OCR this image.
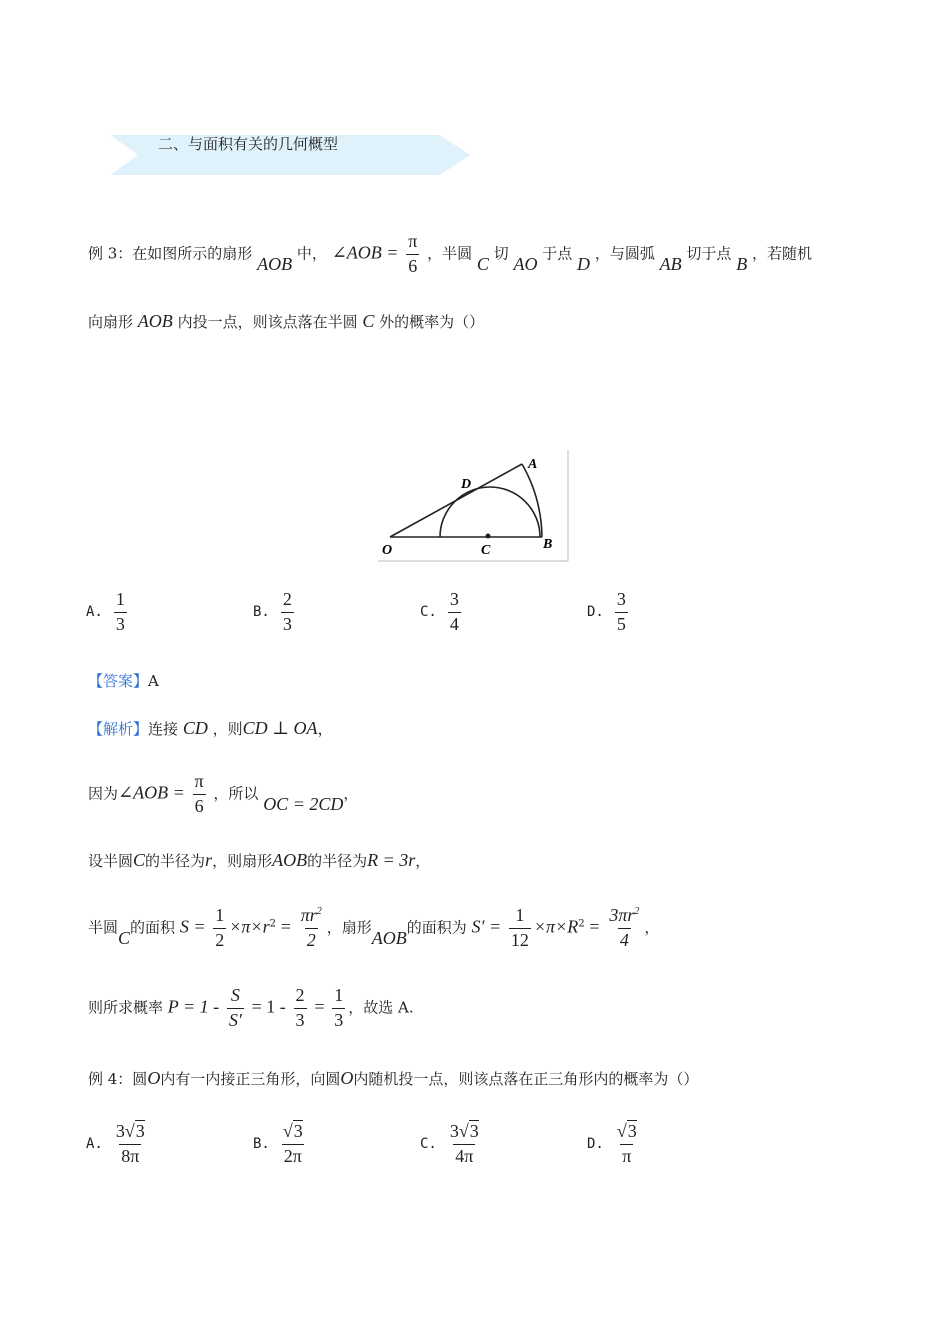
二、与面积有关的几何概型
例 3：在如图所示的扇形 AOB 中， ∠AOB = $\frac{\pi}{6}$ ，半圆 C 切 AO 于点 D ，与圆弧 AB 切于点 B ，若随机
向扇形 AOB 内投一点，则该点落在半圆 C 外的概率为（）
O	C	B
A
D
A. $\frac{1}{3}$	B. $\frac{2}{3}$	C. $\frac{3}{4}$	D. $\frac{3}{5}$
【答案】A
【解析】连接 CD ，则CD ⊥ OA，
因为∠AOB = $\frac{\pi}{6}$ ，所以 OC = 2CD，
设半圆C的半径为r，则扇形AOB的半径为R = 3r，
半圆C的面积 $S = \frac{1}{2} \times\pi\times r^2 = \frac{\pi r^2}{2}$ ，扇形AOB的面积为 $S' = \frac{1}{12} \times\pi\times R^2 = \frac{3\pi r^2}{4}$ ，
则所求概率 $P = 1 - \frac{S}{S'} = 1 - \frac{2}{3} = \frac{1}{3}$ ，故选 A.
例 4：圆O内有一内接正三角形，向圆O内随机投一点，则该点落在正三角形内的概率为（）
A. $\frac{3√3}{8\pi}$	B. $\frac{√3}{2\pi}$	C. $\frac{3√3}{4\pi}$	D. $\frac{√3}{\pi}$
